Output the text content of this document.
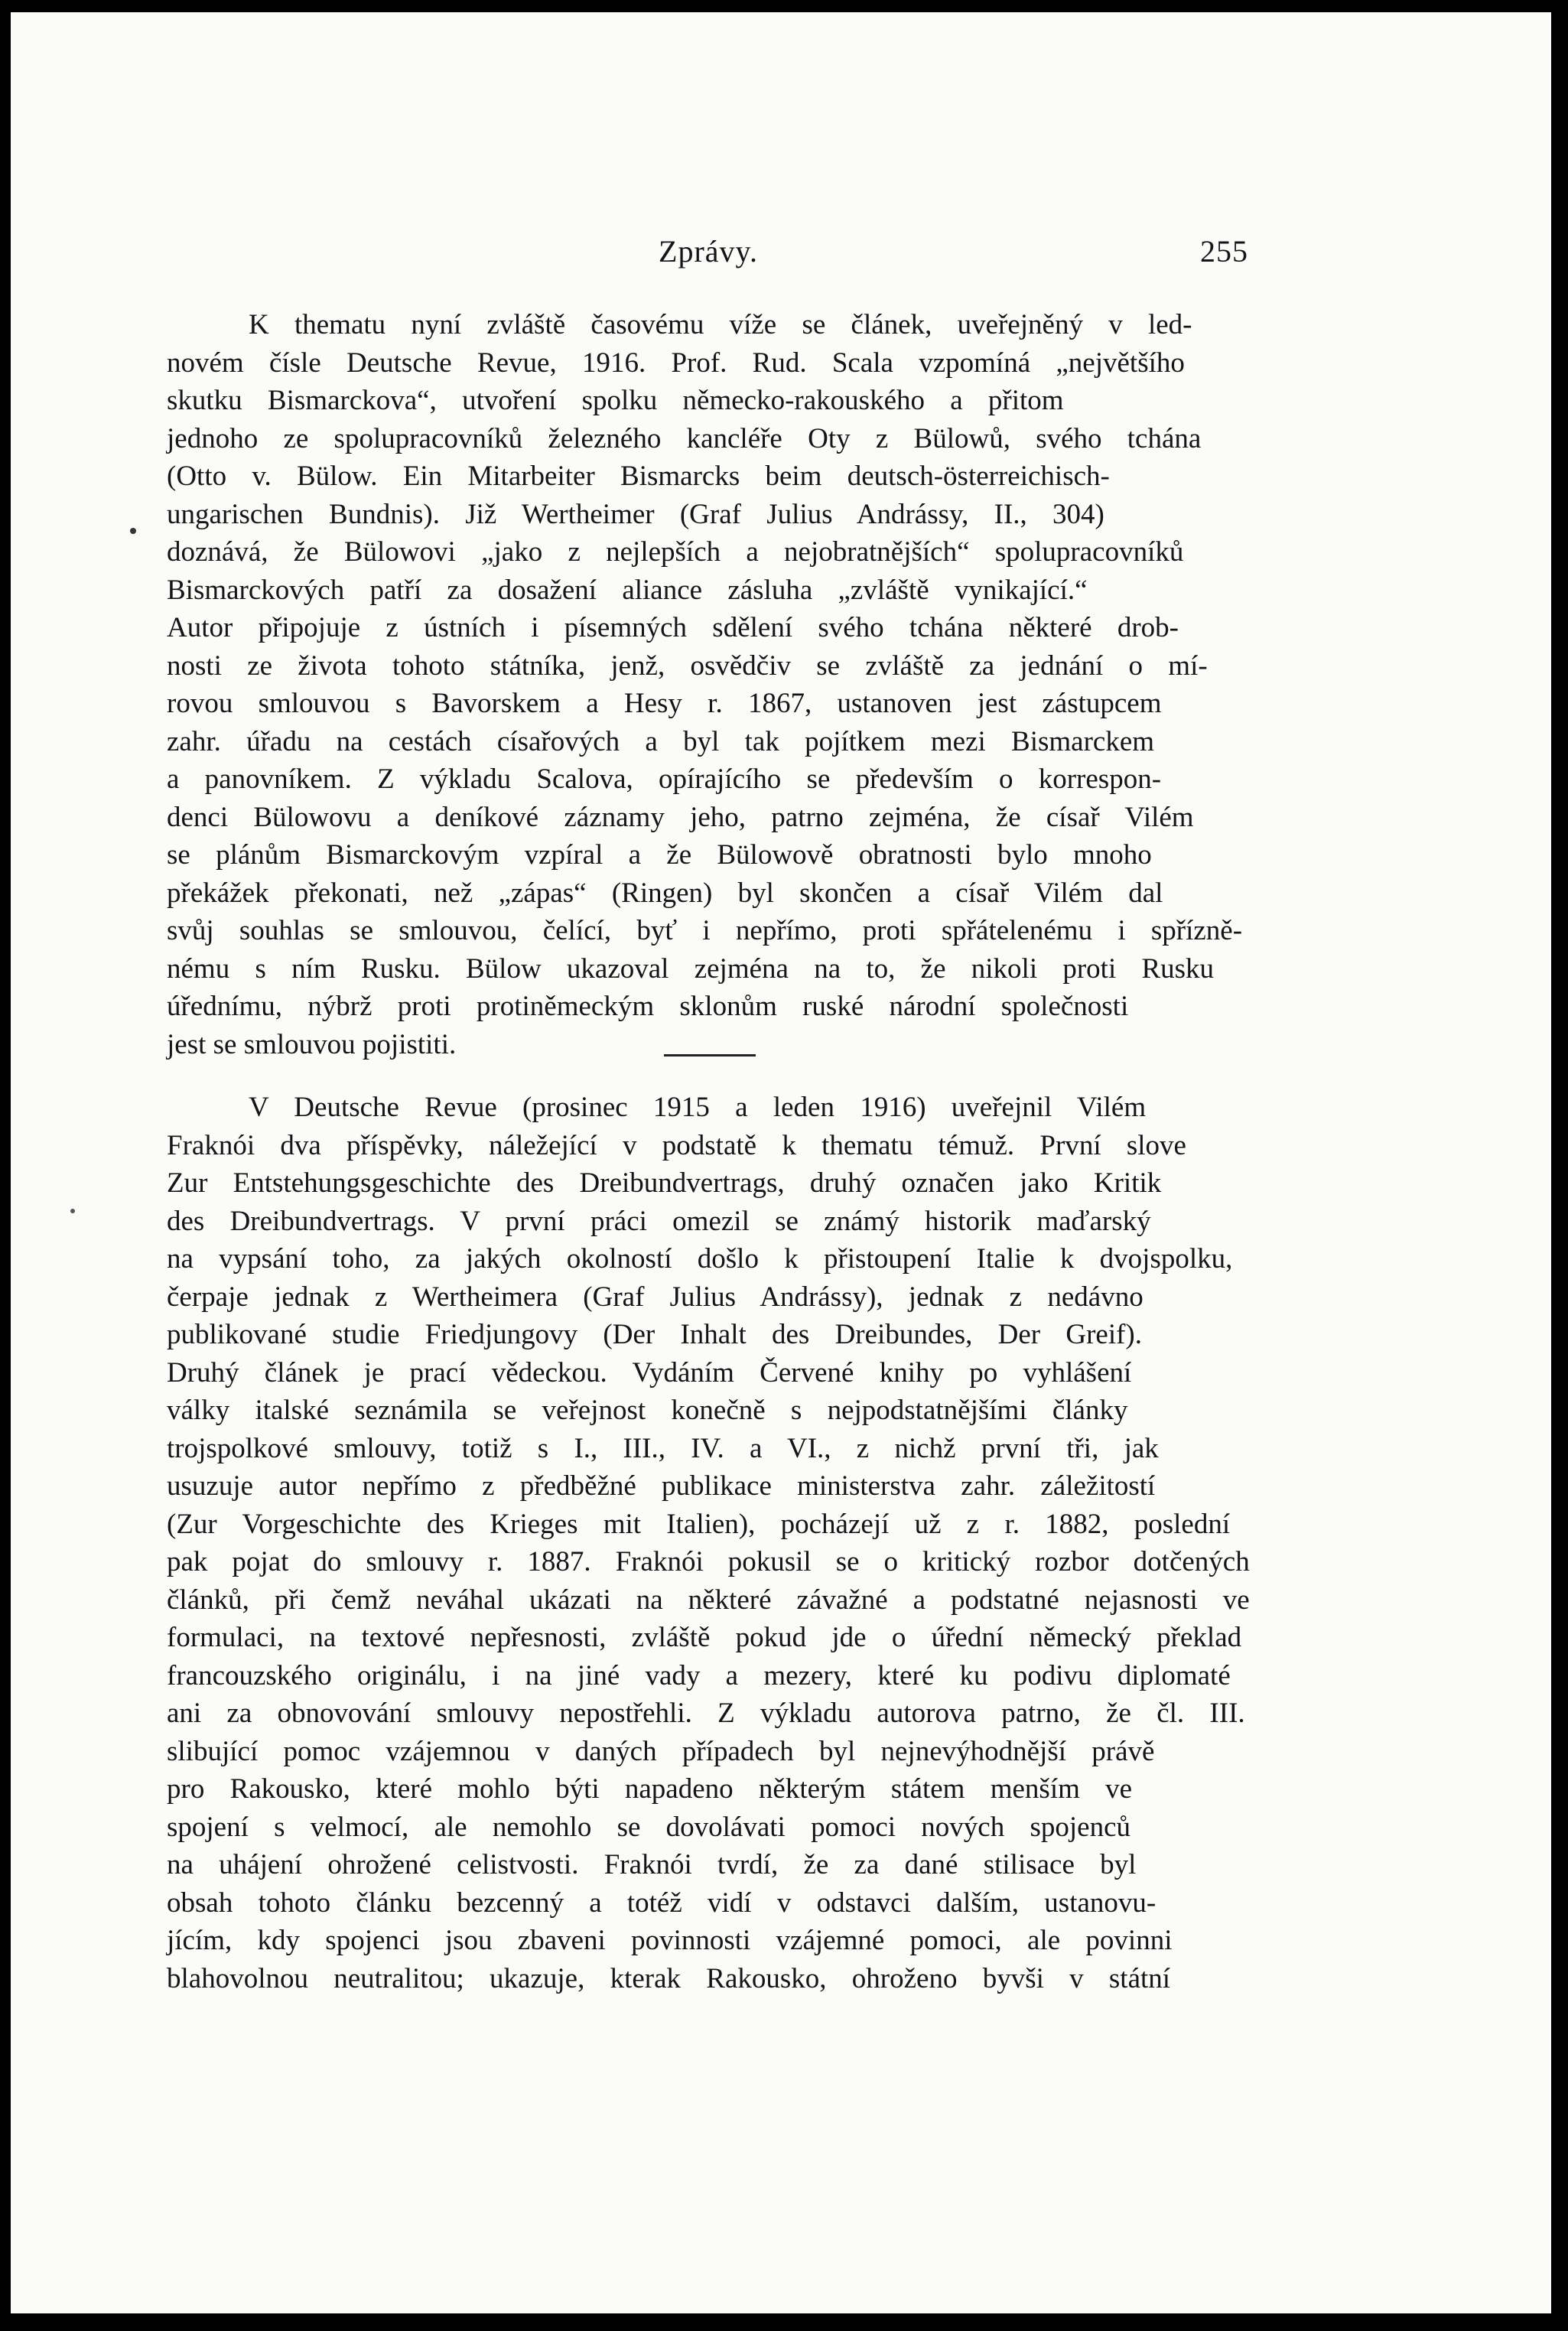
Zprávy.	255
K thematu nyní zvláště časovému víže se článek, uveřejněný v led-
novém čísle Deutsche Revue, 1916. Prof. Rud. Scala vzpomíná „největšího
skutku Bismarckova“, utvoření spolku německo-rakouského a přitom
jednoho ze spolupracovníků železného kancléře Oty z Bülowů, svého tchána
(Otto v. Bülow. Ein Mitarbeiter Bismarcks beim deutsch-österreichisch-
ungarischen Bundnis). Již Wertheimer (Graf Julius Andrássy, II., 304)
doznává, že Bülowovi „jako z nejlepších a nejobratnějších“ spolupracovníků
Bismarckových patří za dosažení aliance zásluha „zvláště vynikající.“
Autor připojuje z ústních i písemných sdělení svého tchána některé drob-
nosti ze života tohoto státníka, jenž, osvědčiv se zvláště za jednání o mí-
rovou smlouvou s Bavorskem a Hesy r. 1867, ustanoven jest zástupcem
zahr. úřadu na cestách císařových a byl tak pojítkem mezi Bismarckem
a panovníkem. Z výkladu Scalova, opírajícího se především o korrespon-
denci Bülowovu a deníkové záznamy jeho, patrno zejména, že císař Vilém
se plánům Bismarckovým vzpíral a že Bülowově obratnosti bylo mnoho
překážek překonati, než „zápas“ (Ringen) byl skončen a císař Vilém dal
svůj souhlas se smlouvou, čelící, byť i nepřímo, proti spřátelenému i spřízně-
nému s ním Rusku. Bülow ukazoval zejména na to, že nikoli proti Rusku
úřednímu, nýbrž proti protiněmeckým sklonům ruské národní společnosti
jest se smlouvou pojistiti.
V Deutsche Revue (prosinec 1915 a leden 1916) uveřejnil Vilém
Fraknói dva příspěvky, náležející v podstatě k thematu témuž. První slove
Zur Entstehungsgeschichte des Dreibundvertrags, druhý označen jako Kritik
des Dreibundvertrags. V první práci omezil se známý historik maďarský
na vypsání toho, za jakých okolností došlo k přistoupení Italie k dvojspolku,
čerpaje jednak z Wertheimera (Graf Julius Andrássy), jednak z nedávno
publikované studie Friedjungovy (Der Inhalt des Dreibundes, Der Greif).
Druhý článek je prací vědeckou. Vydáním Červené knihy po vyhlášení
války italské seznámila se veřejnost konečně s nejpodstatnějšími články
trojspolkové smlouvy, totiž s I., III., IV. a VI., z nichž první tři, jak
usuzuje autor nepřímo z předběžné publikace ministerstva zahr. záležitostí
(Zur Vorgeschichte des Krieges mit Italien), pocházejí už z r. 1882, poslední
pak pojat do smlouvy r. 1887. Fraknói pokusil se o kritický rozbor dotčených
článků, při čemž neváhal ukázati na některé závažné a podstatné nejasnosti ve
formulaci, na textové nepřesnosti, zvláště pokud jde o úřední německý překlad
francouzského originálu, i na jiné vady a mezery, které ku podivu diplomaté
ani za obnovování smlouvy nepostřehli. Z výkladu autorova patrno, že čl. III.
slibující pomoc vzájemnou v daných případech byl nejnevýhodnější právě
pro Rakousko, které mohlo býti napadeno některým státem menším ve
spojení s velmocí, ale nemohlo se dovolávati pomoci nových spojenců
na uhájení ohrožené celistvosti. Fraknói tvrdí, že za dané stilisace byl
obsah tohoto článku bezcenný a totéž vidí v odstavci dalším, ustanovu-
jícím, kdy spojenci jsou zbaveni povinnosti vzájemné pomoci, ale povinni
blahovolnou neutralitou; ukazuje, kterak Rakousko, ohroženo byvši v státní
